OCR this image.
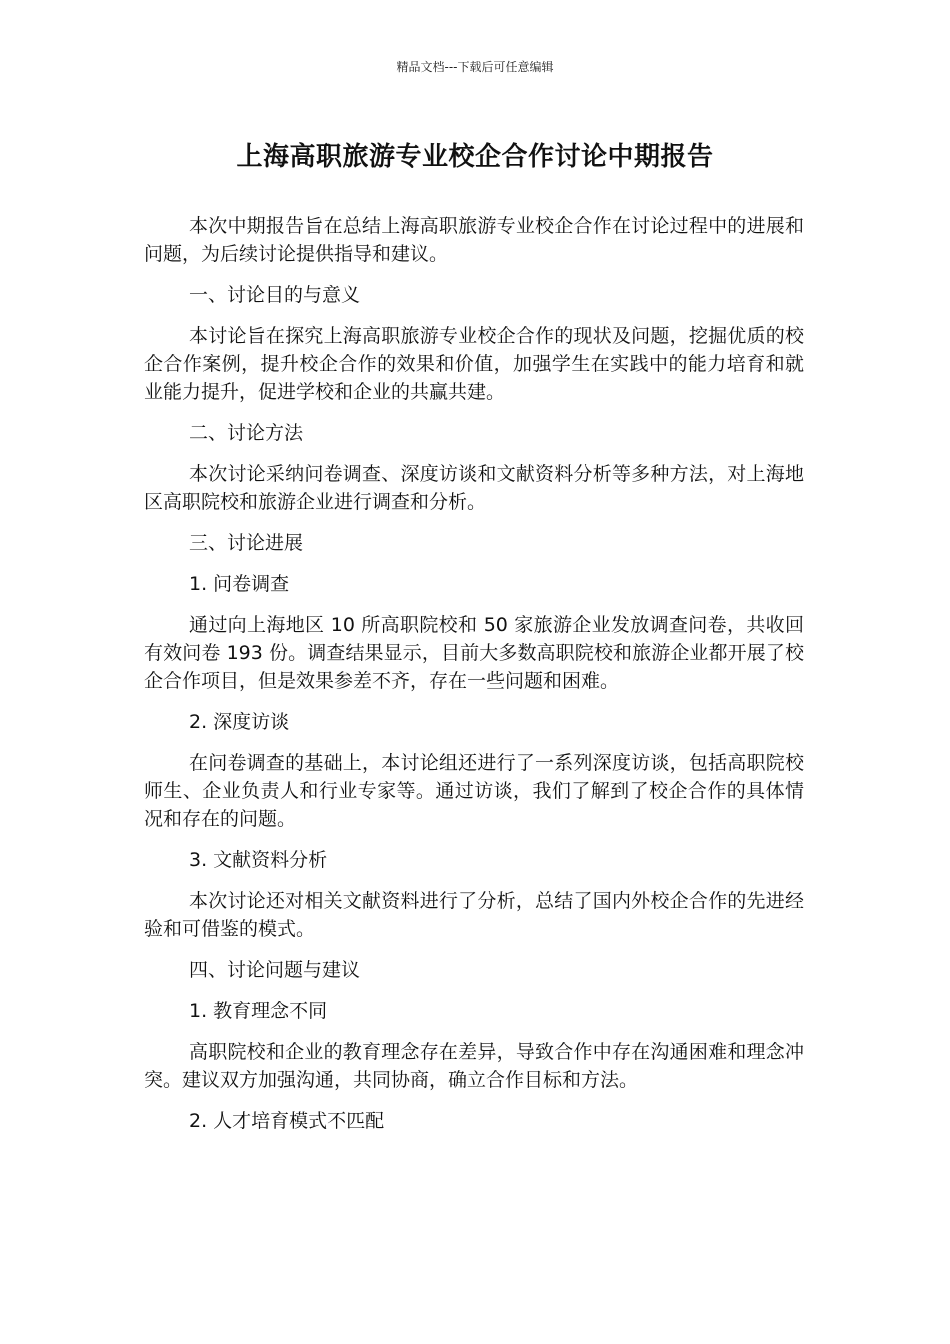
精品文档---下载后可任意编辑
上海高职旅游专业校企合作讨论中期报告

本次中期报告旨在总结上海高职旅游专业校企合作在讨论过程中的进展和问题，为后续讨论提供指导和建议。

一、讨论目的与意义

本讨论旨在探究上海高职旅游专业校企合作的现状及问题，挖掘优质的校企合作案例，提升校企合作的效果和价值，加强学生在实践中的能力培育和就业能力提升，促进学校和企业的共赢共建。

二、讨论方法

本次讨论采纳问卷调查、深度访谈和文献资料分析等多种方法，对上海地区高职院校和旅游企业进行调查和分析。

三、讨论进展

1. 问卷调查

通过向上海地区 10 所高职院校和 50 家旅游企业发放调查问卷，共收回有效问卷 193 份。调查结果显示，目前大多数高职院校和旅游企业都开展了校企合作项目，但是效果参差不齐，存在一些问题和困难。

2. 深度访谈

在问卷调查的基础上，本讨论组还进行了一系列深度访谈，包括高职院校师生、企业负责人和行业专家等。通过访谈，我们了解到了校企合作的具体情况和存在的问题。

3. 文献资料分析

本次讨论还对相关文献资料进行了分析，总结了国内外校企合作的先进经验和可借鉴的模式。

四、讨论问题与建议

1. 教育理念不同

高职院校和企业的教育理念存在差异，导致合作中存在沟通困难和理念冲突。建议双方加强沟通，共同协商，确立合作目标和方法。

2. 人才培育模式不匹配
